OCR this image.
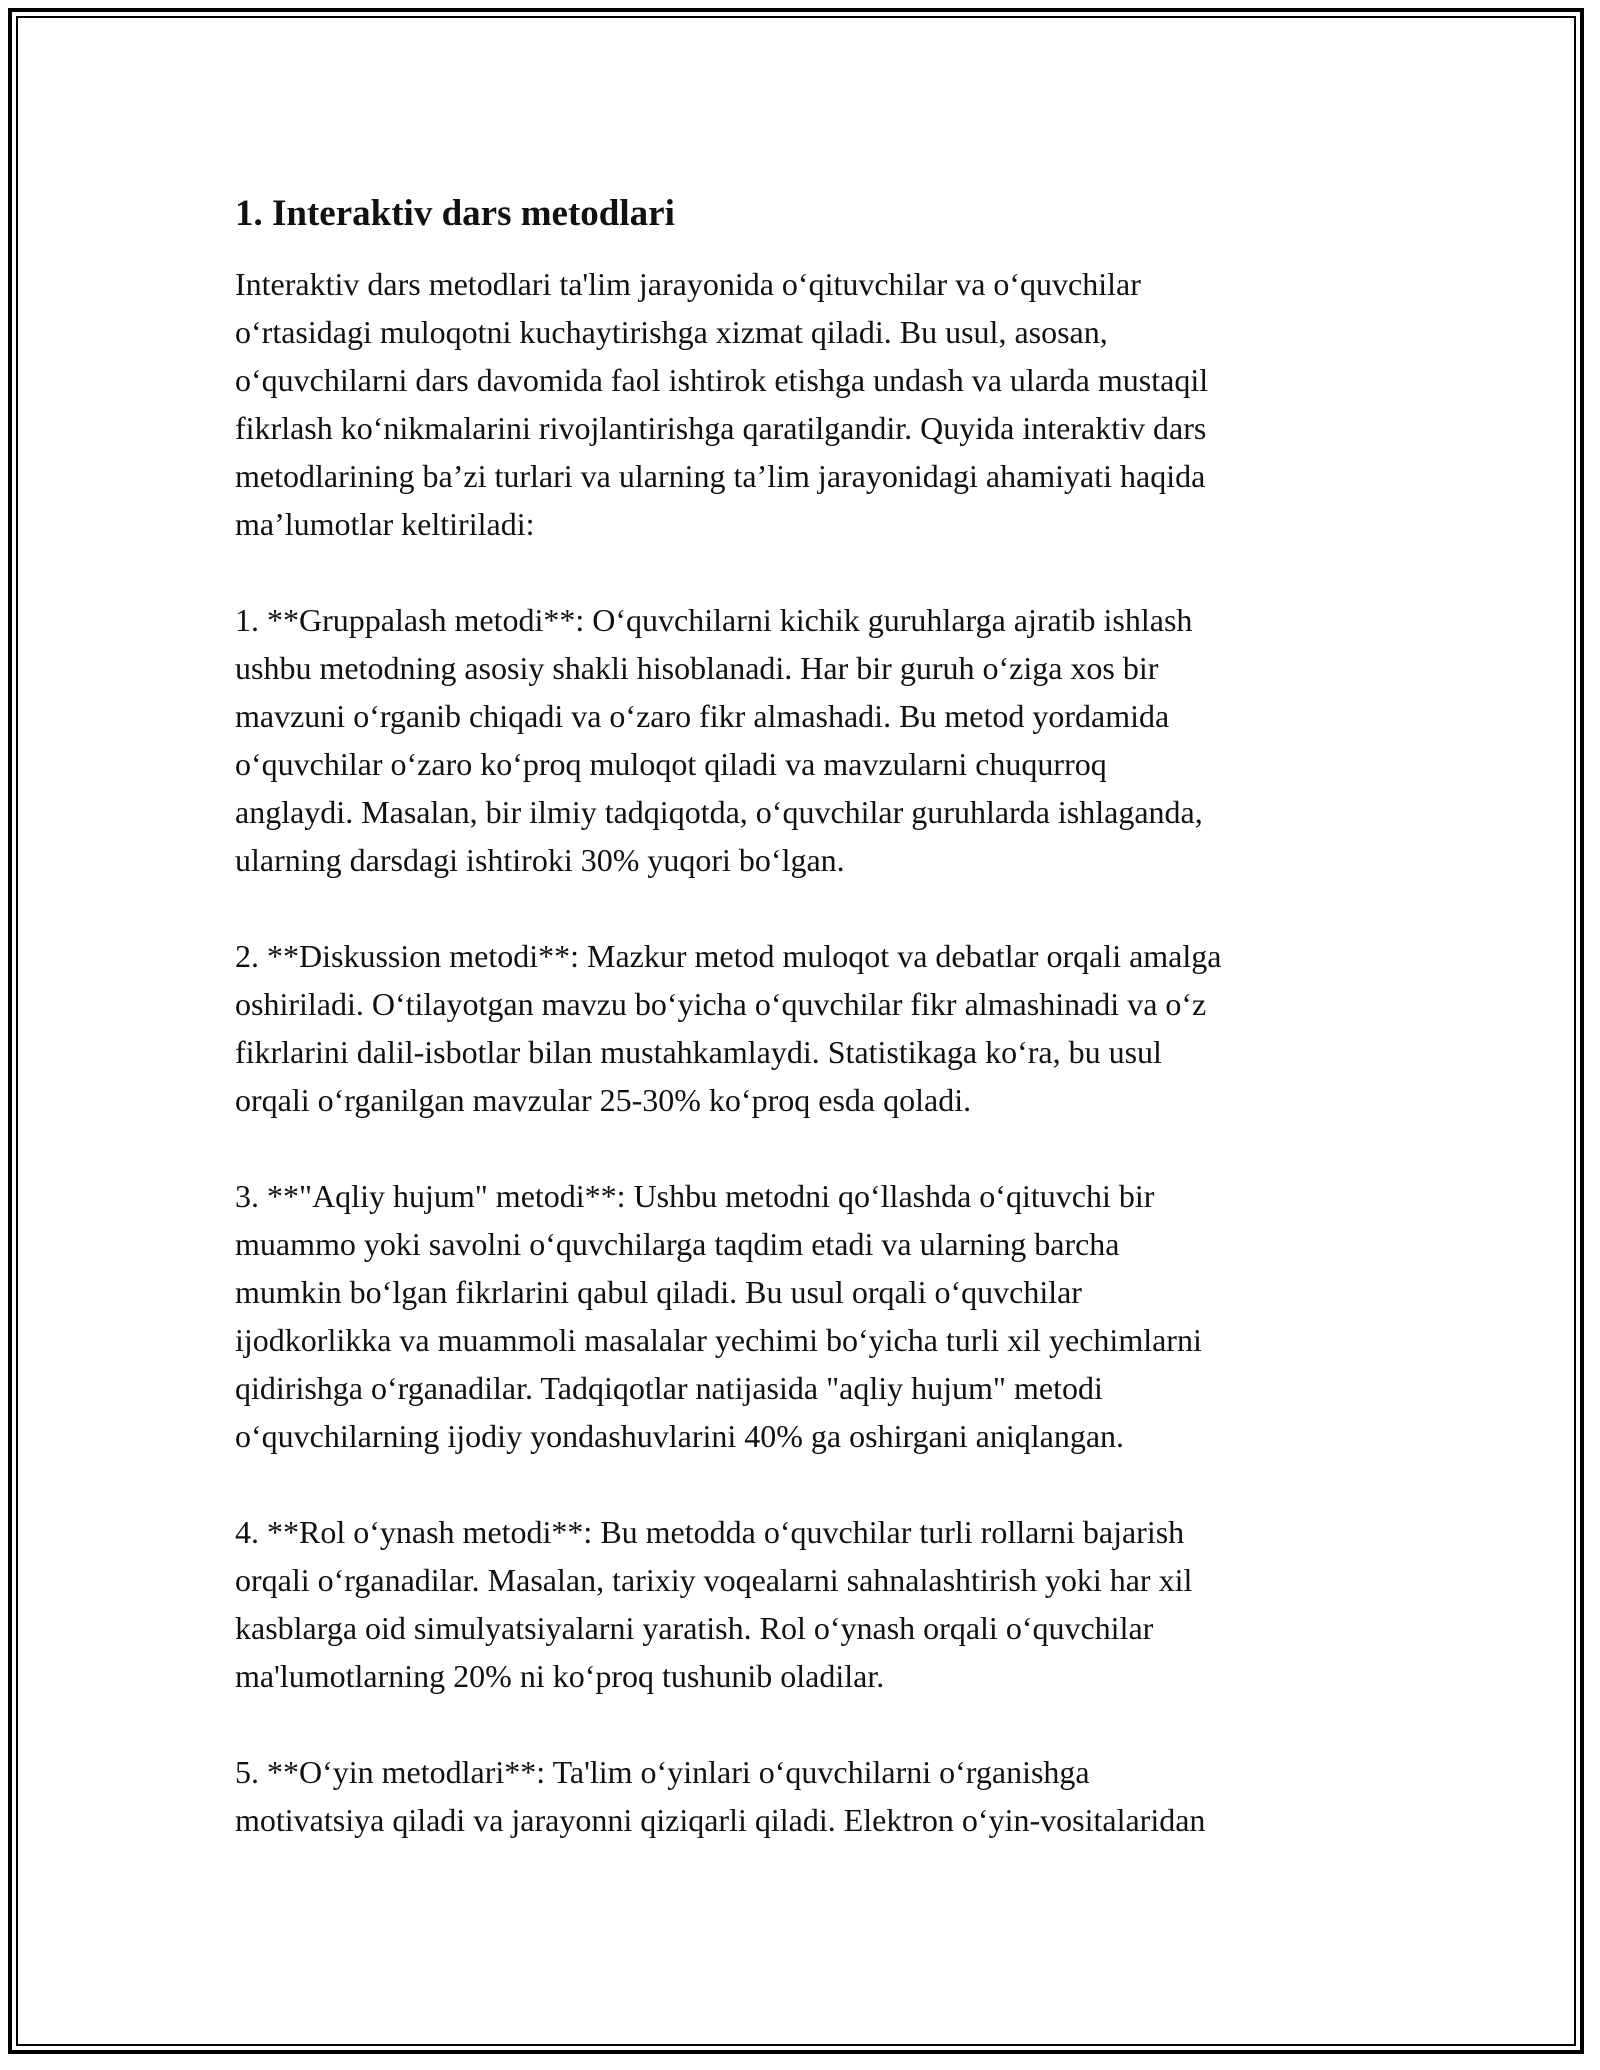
1. Interaktiv dars metodlari
Interaktiv dars metodlari ta'lim jarayonida o‘qituvchilar va o‘quvchilar
o‘rtasidagi muloqotni kuchaytirishga xizmat qiladi. Bu usul, asosan,
o‘quvchilarni dars davomida faol ishtirok etishga undash va ularda mustaqil
fikrlash ko‘nikmalarini rivojlantirishga qaratilgandir. Quyida interaktiv dars
metodlarining ba’zi turlari va ularning ta’lim jarayonidagi ahamiyati haqida
ma’lumotlar keltiriladi:
1. **Gruppalash metodi**: O‘quvchilarni kichik guruhlarga ajratib ishlash
ushbu metodning asosiy shakli hisoblanadi. Har bir guruh o‘ziga xos bir
mavzuni o‘rganib chiqadi va o‘zaro fikr almashadi. Bu metod yordamida
o‘quvchilar o‘zaro ko‘proq muloqot qiladi va mavzularni chuqurroq
anglaydi. Masalan, bir ilmiy tadqiqotda, o‘quvchilar guruhlarda ishlaganda,
ularning darsdagi ishtiroki 30% yuqori bo‘lgan.
2. **Diskussion metodi**: Mazkur metod muloqot va debatlar orqali amalga
oshiriladi. O‘tilayotgan mavzu bo‘yicha o‘quvchilar fikr almashinadi va o‘z
fikrlarini dalil-isbotlar bilan mustahkamlaydi. Statistikaga ko‘ra, bu usul
orqali o‘rganilgan mavzular 25-30% ko‘proq esda qoladi.
3. **"Aqliy hujum" metodi**: Ushbu metodni qo‘llashda o‘qituvchi bir
muammo yoki savolni o‘quvchilarga taqdim etadi va ularning barcha
mumkin bo‘lgan fikrlarini qabul qiladi. Bu usul orqali o‘quvchilar
ijodkorlikka va muammoli masalalar yechimi bo‘yicha turli xil yechimlarni
qidirishga o‘rganadilar. Tadqiqotlar natijasida "aqliy hujum" metodi
o‘quvchilarning ijodiy yondashuvlarini 40% ga oshirgani aniqlangan.
4. **Rol o‘ynash metodi**: Bu metodda o‘quvchilar turli rollarni bajarish
orqali o‘rganadilar. Masalan, tarixiy voqealarni sahnalashtirish yoki har xil
kasblarga oid simulyatsiyalarni yaratish. Rol o‘ynash orqali o‘quvchilar
ma'lumotlarning 20% ni ko‘proq tushunib oladilar.
5. **O‘yin metodlari**: Ta'lim o‘yinlari o‘quvchilarni o‘rganishga
motivatsiya qiladi va jarayonni qiziqarli qiladi. Elektron o‘yin-vositalaridan
